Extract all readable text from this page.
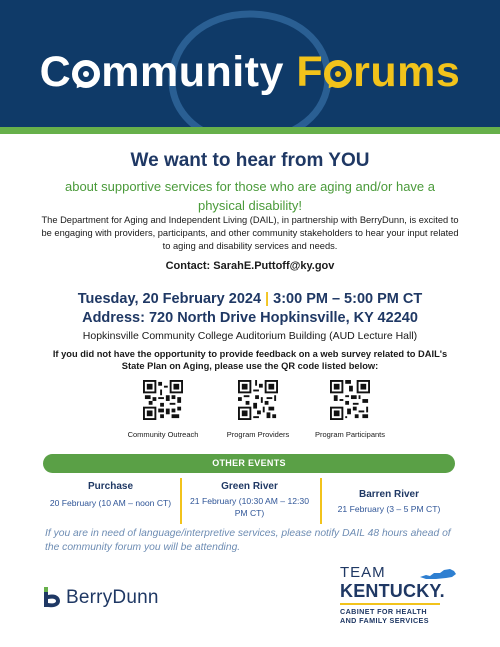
C mmunity F rums
We want to hear from YOU
about supportive services for those who are aging and/or have a physical disability!
The Department for Aging and Independent Living (DAIL), in partnership with BerryDunn, is excited to be engaging with providers, participants, and other community stakeholders to hear your input related to aging and disability services and needs.
Contact: SarahE.Puttoff@ky.gov
Tuesday, 20 February 2024 | 3:00 PM – 5:00 PM CT
Address: 720 North Drive Hopkinsville, KY 42240
Hopkinsville Community College Auditorium Building (AUD Lecture Hall)
If you did not have the opportunity to provide feedback on a web survey related to DAIL's State Plan on Aging, please use the QR code listed below:
Community Outreach	Program Providers	Program Participants
OTHER EVENTS
Purchase
20 February (10 AM – noon CT)
Green River
21 February (10:30 AM – 12:30 PM CT)
Barren River
21 February (3 – 5 PM CT)
If you are in need of language/interpretive services, please notify DAIL 48 hours ahead of the community forum you will be attending.
BerryDunn
TEAM
KENTUCKY.
CABINET FOR HEALTH
AND FAMILY SERVICES
